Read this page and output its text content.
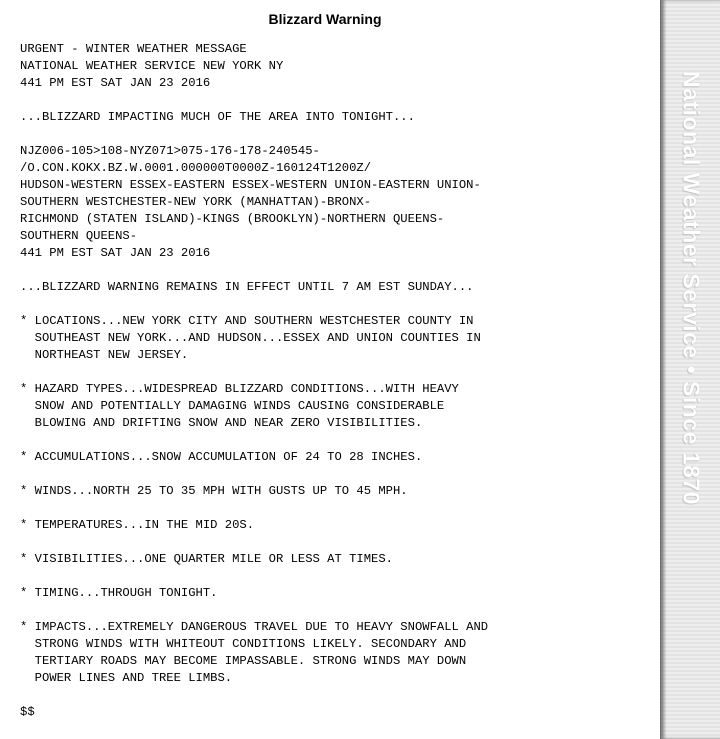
Blizzard Warning
URGENT - WINTER WEATHER MESSAGE
NATIONAL WEATHER SERVICE NEW YORK NY
441 PM EST SAT JAN 23 2016
...BLIZZARD IMPACTING MUCH OF THE AREA INTO TONIGHT...
NJZ006-105>108-NYZ071>075-176-178-240545-
/O.CON.KOKX.BZ.W.0001.000000T0000Z-160124T1200Z/
HUDSON-WESTERN ESSEX-EASTERN ESSEX-WESTERN UNION-EASTERN UNION-
SOUTHERN WESTCHESTER-NEW YORK (MANHATTAN)-BRONX-
RICHMOND (STATEN ISLAND)-KINGS (BROOKLYN)-NORTHERN QUEENS-
SOUTHERN QUEENS-
441 PM EST SAT JAN 23 2016
...BLIZZARD WARNING REMAINS IN EFFECT UNTIL 7 AM EST SUNDAY...
* LOCATIONS...NEW YORK CITY AND SOUTHERN WESTCHESTER COUNTY IN
SOUTHEAST NEW YORK...AND HUDSON...ESSEX AND UNION COUNTIES IN
NORTHEAST NEW JERSEY.
* HAZARD TYPES...WIDESPREAD BLIZZARD CONDITIONS...WITH HEAVY
SNOW AND POTENTIALLY DAMAGING WINDS CAUSING CONSIDERABLE
BLOWING AND DRIFTING SNOW AND NEAR ZERO VISIBILITIES.
* ACCUMULATIONS...SNOW ACCUMULATION OF 24 TO 28 INCHES.
* WINDS...NORTH 25 TO 35 MPH WITH GUSTS UP TO 45 MPH.
* TEMPERATURES...IN THE MID 20S.
* VISIBILITIES...ONE QUARTER MILE OR LESS AT TIMES.
* TIMING...THROUGH TONIGHT.
* IMPACTS...EXTREMELY DANGEROUS TRAVEL DUE TO HEAVY SNOWFALL AND
STRONG WINDS WITH WHITEOUT CONDITIONS LIKELY. SECONDARY AND
TERTIARY ROADS MAY BECOME IMPASSABLE. STRONG WINDS MAY DOWN
POWER LINES AND TREE LIMBS.
$$
National Weather Service • Since 1870
